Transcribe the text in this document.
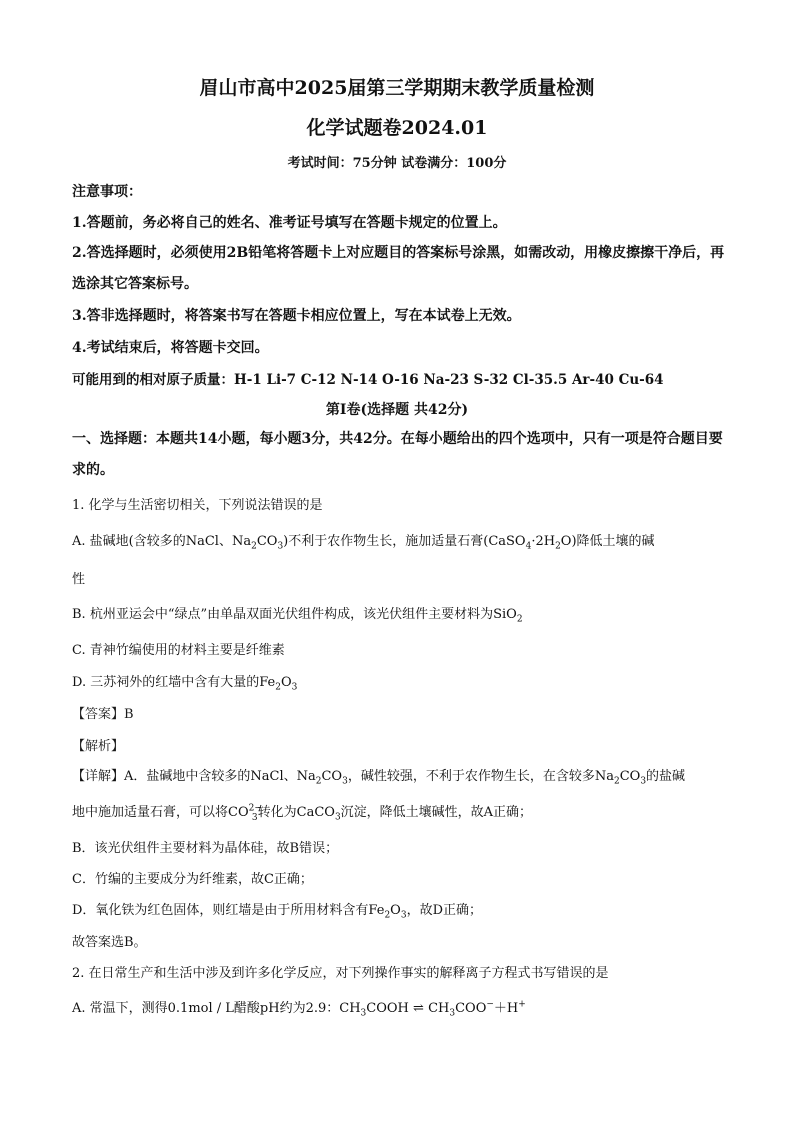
眉山市高中2025届第三学期期末教学质量检测
化学试题卷2024.01
考试时间：75分钟 试卷满分：100分
注意事项：
1.答题前，务必将自己的姓名、准考证号填写在答题卡规定的位置上。
2.答选择题时，必须使用2B铅笔将答题卡上对应题目的答案标号涂黑，如需改动，用橡皮擦擦干净后，再选涂其它答案标号。
3.答非选择题时，将答案书写在答题卡相应位置上，写在本试卷上无效。
4.考试结束后，将答题卡交回。
可能用到的相对原子质量：H-1 Li-7 C-12 N-14 O-16 Na-23 S-32 Cl-35.5 Ar-40 Cu-64
第Ⅰ卷(选择题 共42分)
一、选择题：本题共14小题，每小题3分，共42分。在每小题给出的四个选项中，只有一项是符合题目要求的。
1. 化学与生活密切相关，下列说法错误的是
A. 盐碱地(含较多的NaCl、$Na_2CO_3$)不利于农作物生长，施加适量石膏$(CaSO_4\cdot 2H_2O)$降低土壤的碱
性
B. 杭州亚运会中“绿点”由单晶双面光伏组件构成，该光伏组件主要材料为SiO$_2$
C. 青神竹编使用的材料主要是纤维素
D. 三苏祠外的红墙中含有大量的$Fe_2O_3$
【答案】B
【解析】
【详解】A．盐碱地中含较多的NaCl、$Na_2CO_3$，碱性较强，不利于农作物生长，在含较多$Na_2CO_3$的盐碱
地中施加适量石膏，可以将$CO^{2-}_3$转化为CaCO$_3$沉淀，降低土壤碱性，故A正确；
B．该光伏组件主要材料为晶体硅，故B错误；
C．竹编的主要成分为纤维素，故C正确；
D．氧化铁为红色固体，则红墙是由于所用材料含有$Fe_2O_3$，故D正确；
故答案选B。
2. 在日常生产和生活中涉及到许多化学反应，对下列操作事实的解释离子方程式书写错误的是
A. 常温下，测得0.1mol / L醋酸pH约为2.9：$CH_3COOH$ ⇌ $CH_3COO^-+H^+$
